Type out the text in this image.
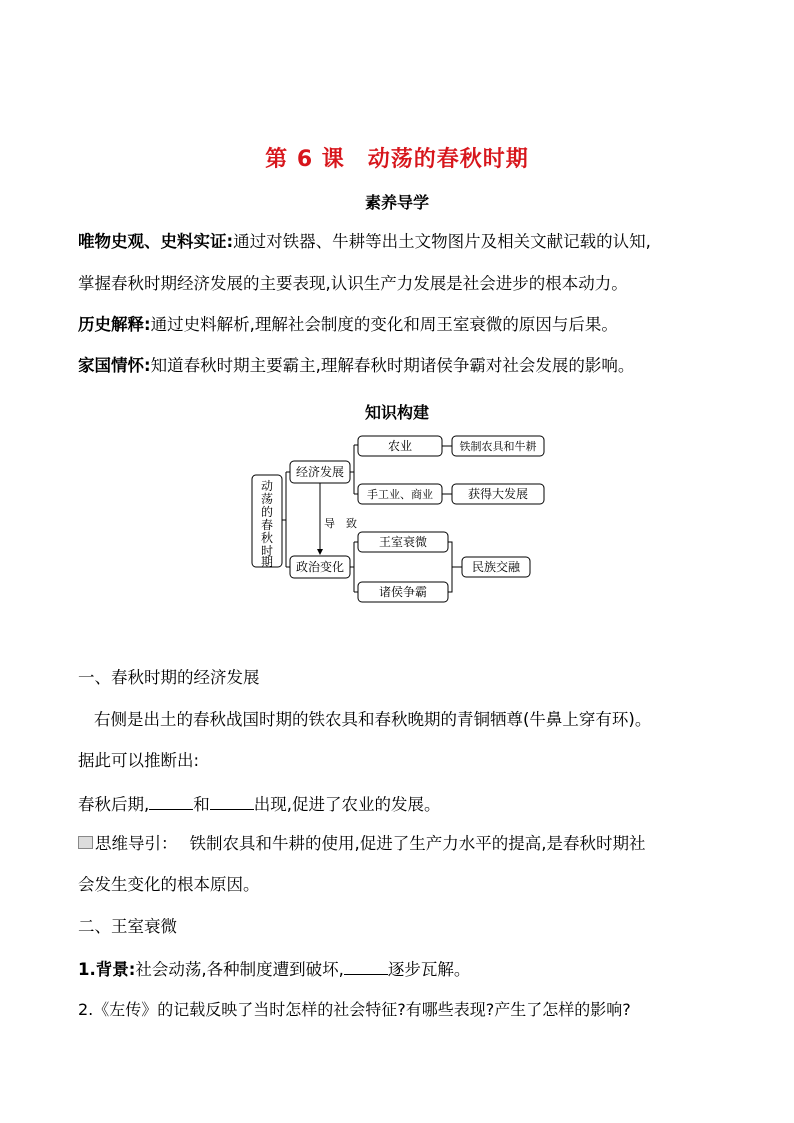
第 6 课　动荡的春秋时期
素养导学
唯物史观、史料实证:通过对铁器、牛耕等出土文物图片及相关文献记载的认知,
掌握春秋时期经济发展的主要表现,认识生产力发展是社会进步的根本动力。
历史解释:通过史料解析,理解社会制度的变化和周王室衰微的原因与后果。
家国情怀:知道春秋时期主要霸主,理解春秋时期诸侯争霸对社会发展的影响。
知识构建
动
荡
的
春
秋
时
期
经济发展
政治变化
导　致
农业	铁制农具和牛耕
手工业、商业	获得大发展
王室衰微
诸侯争霸
民族交融
一、春秋时期的经济发展
右侧是出土的春秋战国时期的铁农具和春秋晚期的青铜牺尊(牛鼻上穿有环)。
据此可以推断出:
春秋后期,	和	出现,促进了农业的发展。
思维导引： 铁制农具和牛耕的使用,促进了生产力水平的提高,是春秋时期社
会发生变化的根本原因。
二、王室衰微
1.背景:社会动荡,各种制度遭到破坏,	逐步瓦解。
2.《左传》的记载反映了当时怎样的社会特征?有哪些表现?产生了怎样的影响?
